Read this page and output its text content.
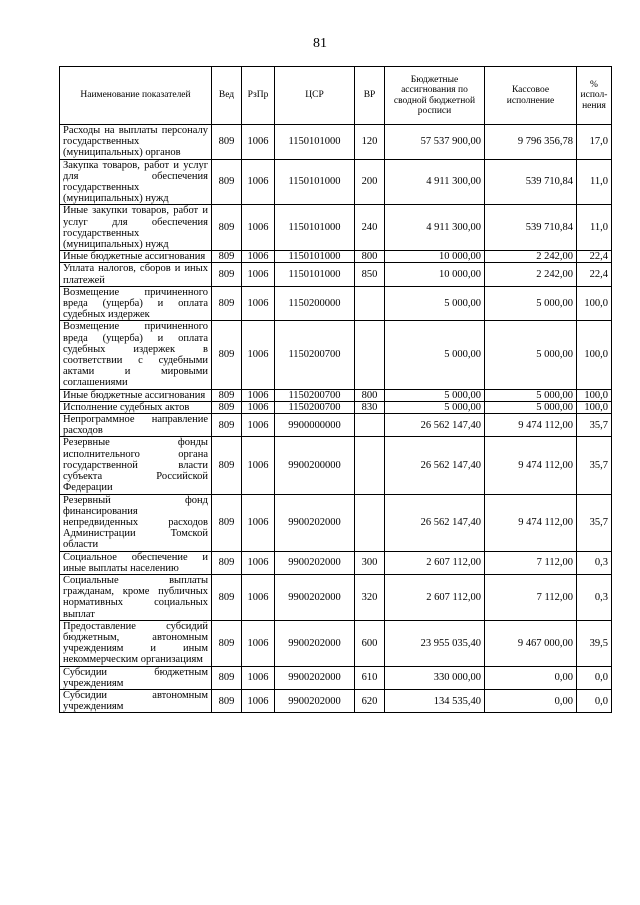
81
Наименование показателей	Вед	РзПр	ЦСР	ВР	Бюджетные ассигнования по сводной бюджетной росписи	Кассовое исполнение	% испол-нения
Расходы на выплаты персоналу государственных (муниципальных) органов	809	1006	1150101000	120	57 537 900,00	9 796 356,78	17,0
Закупка товаров, работ и услуг для обеспечения государственных (муниципальных) нужд	809	1006	1150101000	200	4 911 300,00	539 710,84	11,0
Иные закупки товаров, работ и услуг для обеспечения государственных (муниципальных) нужд	809	1006	1150101000	240	4 911 300,00	539 710,84	11,0
Иные бюджетные ассигнования	809	1006	1150101000	800	10 000,00	2 242,00	22,4
Уплата налогов, сборов и иных платежей	809	1006	1150101000	850	10 000,00	2 242,00	22,4
Возмещение причиненного вреда (ущерба) и оплата судебных издержек	809	1006	1150200000		5 000,00	5 000,00	100,0
Возмещение причиненного вреда (ущерба) и оплата судебных издержек в соответствии с судебными актами и мировыми соглашениями	809	1006	1150200700		5 000,00	5 000,00	100,0
Иные бюджетные ассигнования	809	1006	1150200700	800	5 000,00	5 000,00	100,0
Исполнение судебных актов	809	1006	1150200700	830	5 000,00	5 000,00	100,0
Непрограммное направление расходов	809	1006	9900000000		26 562 147,40	9 474 112,00	35,7
Резервные фонды исполнительного органа государственной власти субъекта Российской Федерации	809	1006	9900200000		26 562 147,40	9 474 112,00	35,7
Резервный фонд финансирования непредвиденных расходов Администрации Томской области	809	1006	9900202000		26 562 147,40	9 474 112,00	35,7
Социальное обеспечение и иные выплаты населению	809	1006	9900202000	300	2 607 112,00	7 112,00	0,3
Социальные выплаты гражданам, кроме публичных нормативных социальных выплат	809	1006	9900202000	320	2 607 112,00	7 112,00	0,3
Предоставление субсидий бюджетным, автономным учреждениям и иным некоммерческим организациям	809	1006	9900202000	600	23 955 035,40	9 467 000,00	39,5
Субсидии бюджетным учреждениям	809	1006	9900202000	610	330 000,00	0,00	0,0
Субсидии автономным учреждениям	809	1006	9900202000	620	134 535,40	0,00	0,0
